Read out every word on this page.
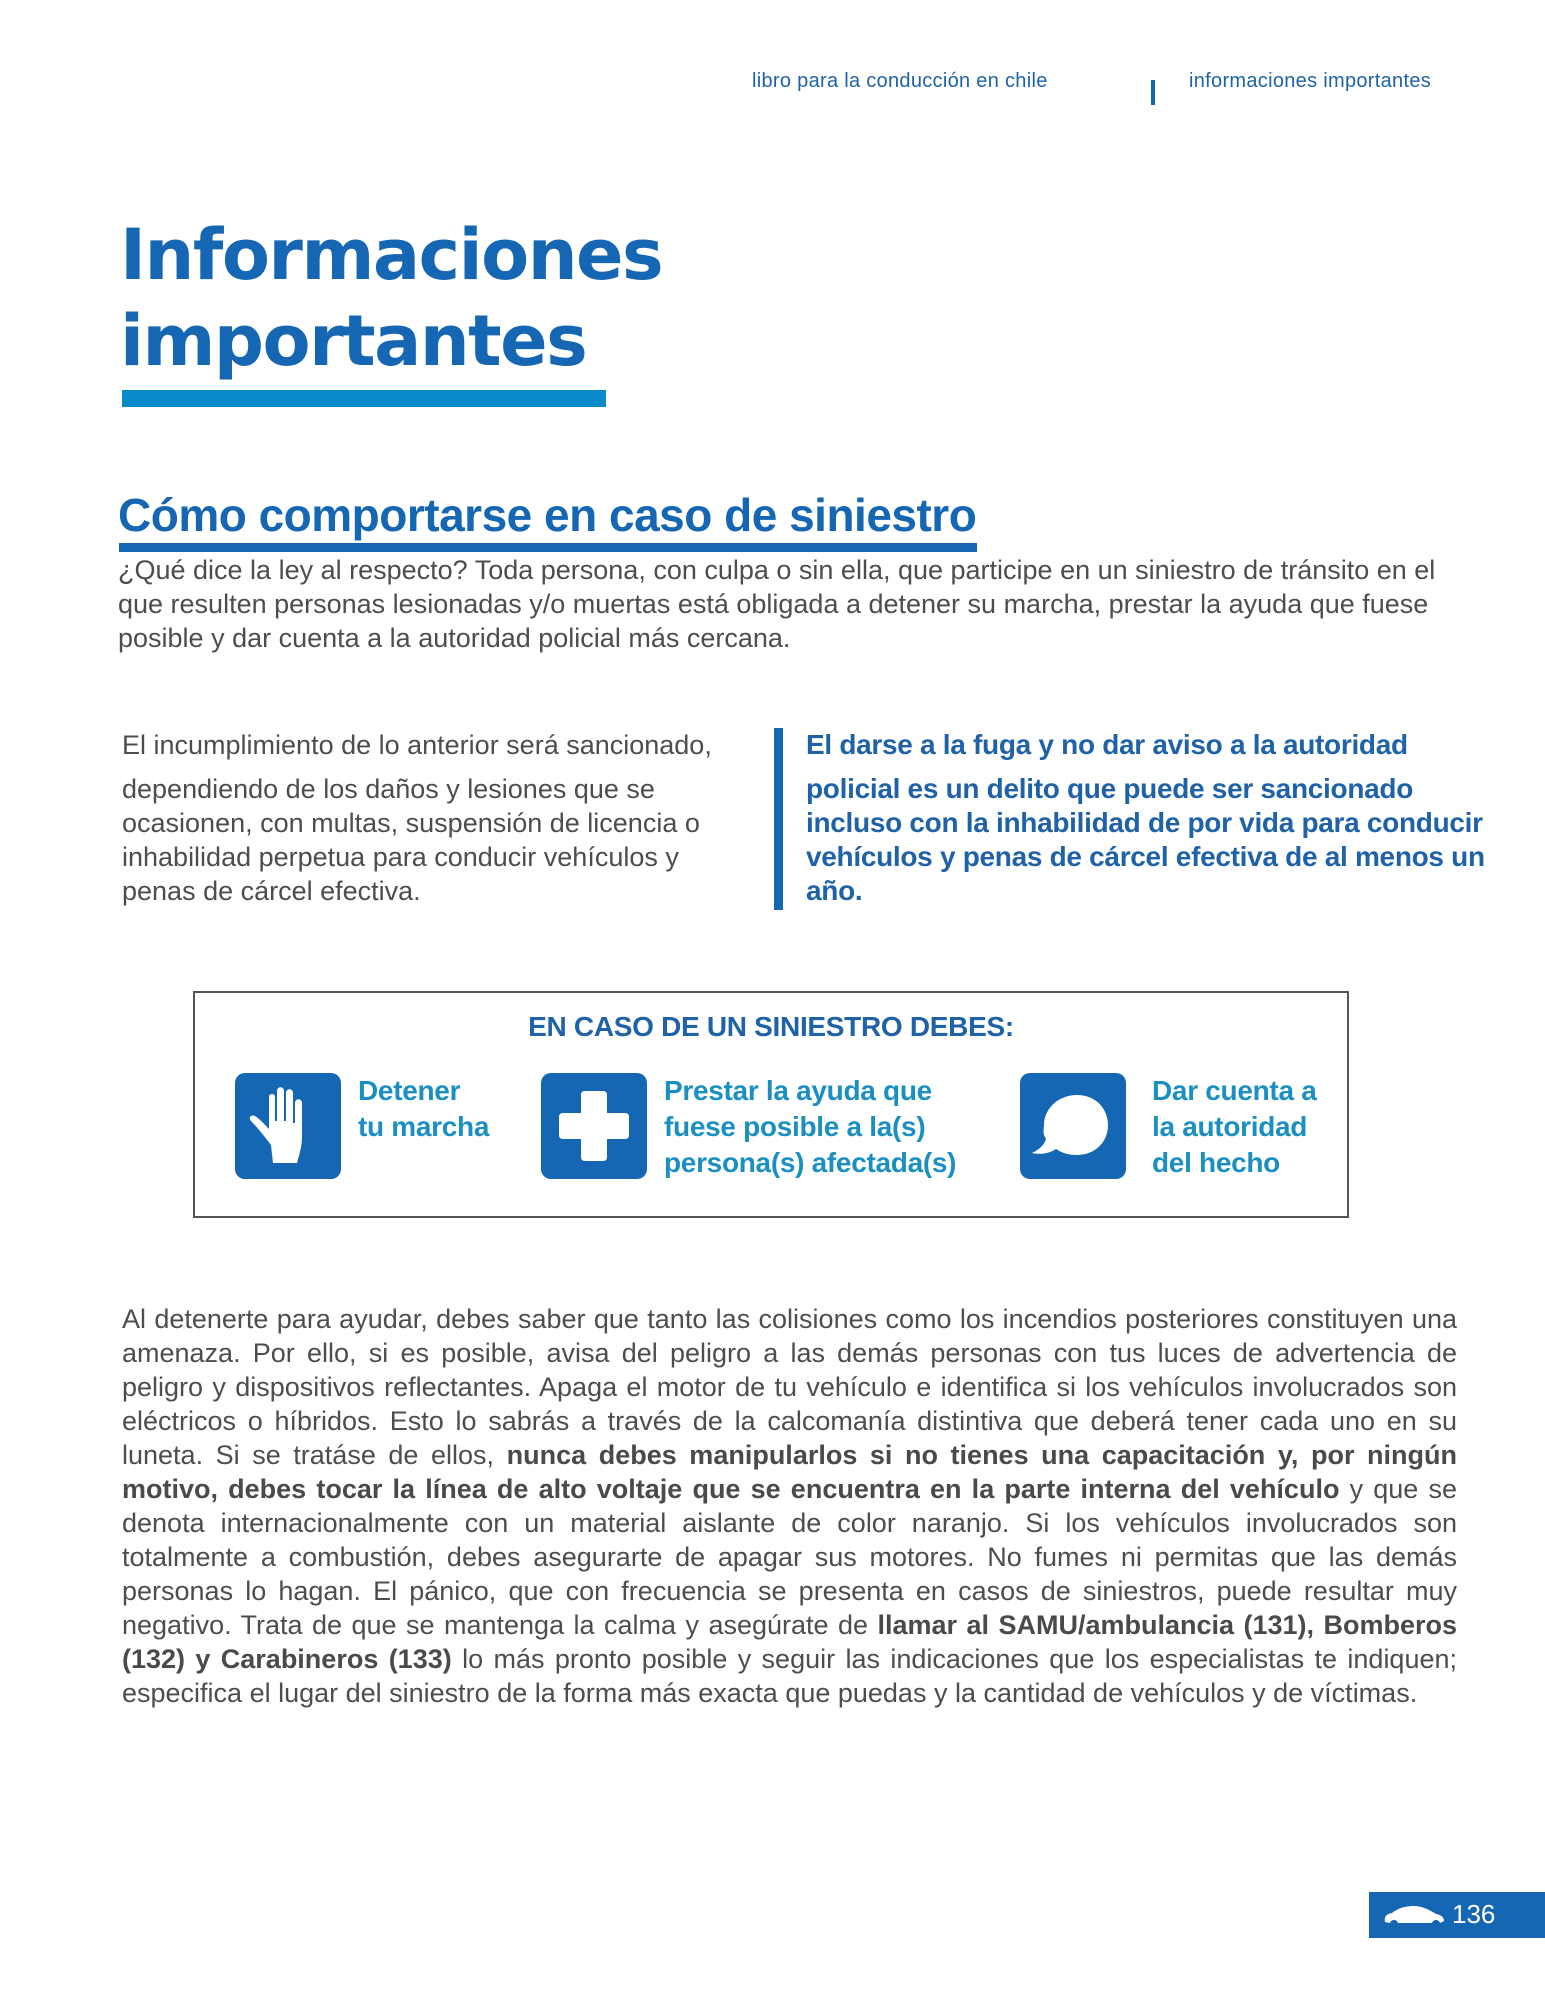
libro para la conducción en chile	informaciones importantes
Informaciones
importantes
Cómo comportarse en caso de siniestro

¿Qué dice la ley al respecto? Toda persona, con culpa o sin ella, que participe en un siniestro de tránsito en el que resulten personas lesionadas y/o muertas está obligada a detener su marcha, prestar la ayuda que fuese posible y dar cuenta a la autoridad policial más cercana.

El incumplimiento de lo anterior será sancionado,
dependiendo de los daños y lesiones que se ocasionen, con multas, suspensión de licencia o inhabilidad perpetua para conducir vehículos y penas de cárcel efectiva.

El darse a la fuga y no dar aviso a la autoridad
policial es un delito que puede ser sancionado incluso con la inhabilidad de por vida para conducir vehículos y penas de cárcel efectiva de al menos un año.

EN CASO DE UN SINIESTRO DEBES:
Detener
tu marcha
Prestar la ayuda que
fuese posible a la(s)
persona(s) afectada(s)
Dar cuenta a
la autoridad
del hecho

Al detenerte para ayudar, debes saber que tanto las colisiones como los incendios posteriores constituyen una amenaza. Por ello, si es posible, avisa del peligro a las demás personas con tus luces de advertencia de peligro y dispositivos reflectantes. Apaga el motor de tu vehículo e identifica si los vehículos involucrados son eléctricos o híbridos. Esto lo sabrás a través de la calcomanía distintiva que deberá tener cada uno en su luneta. Si se tratáse de ellos, nunca debes manipularlos si no tienes una capacitación y, por ningún motivo, debes tocar la línea de alto voltaje que se encuentra en la parte interna del vehículo y que se denota internacionalmente con un material aislante de color naranjo. Si los vehículos involucrados son totalmente a combustión, debes asegurarte de apagar sus motores. No fumes ni permitas que las demás personas lo hagan. El pánico, que con frecuencia se presenta en casos de siniestros, puede resultar muy negativo. Trata de que se mantenga la calma y asegúrate de llamar al SAMU/ambulancia (131), Bomberos (132) y Carabineros (133) lo más pronto posible y seguir las indicaciones que los especialistas te indiquen; especifica el lugar del siniestro de la forma más exacta que puedas y la cantidad de vehículos y de víctimas.

136
